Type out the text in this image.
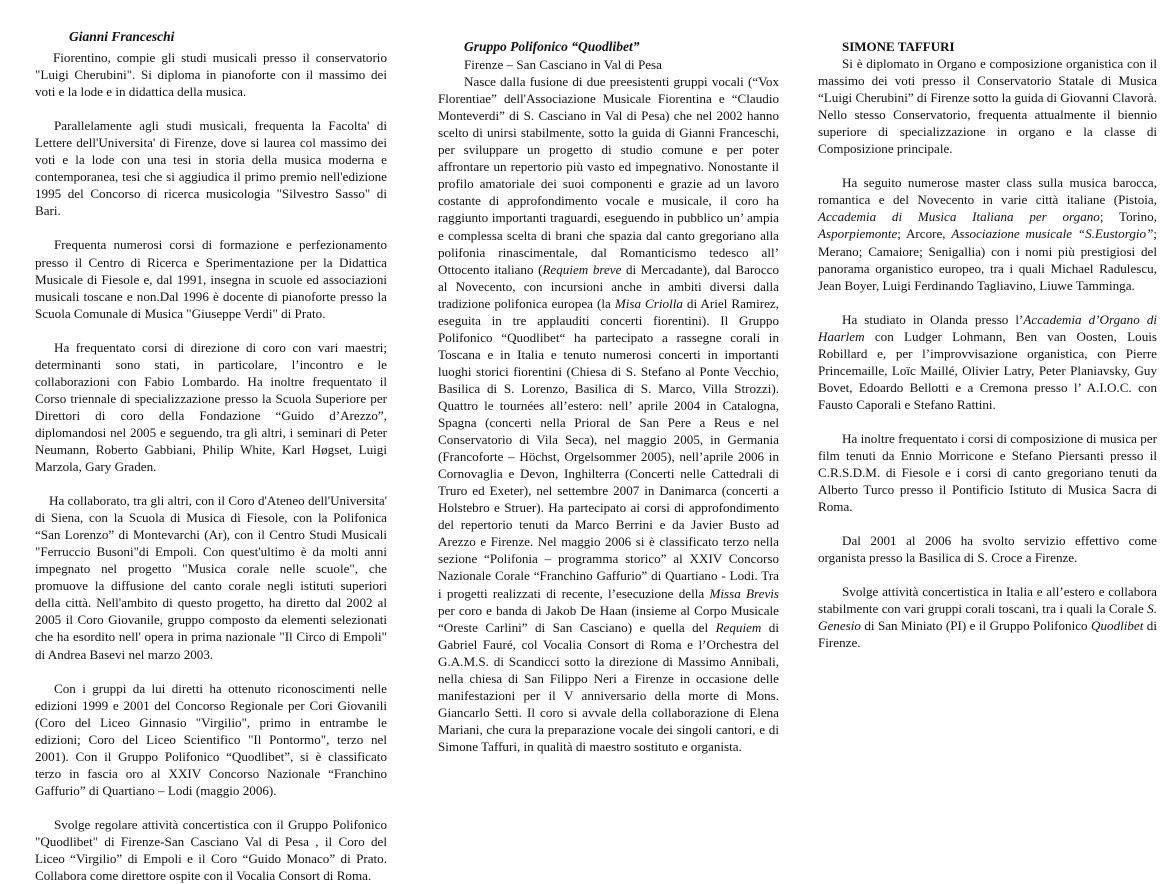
Gianni Franceschi

Fiorentino, compie gli studi musicali presso il conservatorio "Luigi Cherubini". Si diploma in pianoforte con il massimo dei voti e la lode e in didattica della musica.

Parallelamente agli studi musicali, frequenta la Facolta' di Lettere dell'Universita' di Firenze, dove si laurea col massimo dei voti e la lode con una tesi in storia della musica moderna e contemporanea, tesi che si aggiudica il primo premio nell'edizione 1995 del Concorso di ricerca musicologia "Silvestro Sasso" di Bari.

Frequenta numerosi corsi di formazione e perfezionamento presso il Centro di Ricerca e Sperimentazione per la Didattica Musicale di Fiesole e, dal 1991, insegna in scuole ed associazioni musicali toscane e non.Dal 1996 è docente di pianoforte presso la Scuola Comunale di Musica "Giuseppe Verdi" di Prato.

Ha frequentato corsi di direzione di coro con vari maestri; determinanti sono stati, in particolare, l’incontro e le collaborazioni con Fabio Lombardo. Ha inoltre frequentato il Corso triennale di specializzazione presso la Scuola Superiore per Direttori di coro della Fondazione “Guido d’Arezzo”, diplomandosi nel 2005 e seguendo, tra gli altri, i seminari di Peter Neumann, Roberto Gabbiani, Philip White, Karl Høgset, Luigi Marzola, Gary Graden.

Ha collaborato, tra gli altri, con il Coro d'Ateneo dell'Universita' di Siena, con la Scuola di Musica di Fiesole, con la Polifonica “San Lorenzo” di Montevarchi (Ar), con il Centro Studi Musicali "Ferruccio Busoni"di Empoli. Con quest'ultimo è da molti anni impegnato nel progetto "Musica corale nelle scuole", che promuove la diffusione del canto corale negli istituti superiori della città. Nell'ambito di questo progetto, ha diretto dal 2002 al 2005 il Coro Giovanile, gruppo composto da elementi selezionati che ha esordito nell' opera in prima nazionale "Il Circo di Empoli" di Andrea Basevi nel marzo 2003.

Con i gruppi da lui diretti ha ottenuto riconoscimenti nelle edizioni 1999 e 2001 del Concorso Regionale per Cori Giovanili (Coro del Liceo Ginnasio "Virgilio", primo in entrambe le edizioni; Coro del Liceo Scientifico "Il Pontormo", terzo nel 2001). Con il Gruppo Polifonico “Quodlibet”, si è classificato terzo in fascia oro al XXIV Concorso Nazionale “Franchino Gaffurio” di Quartiano – Lodi (maggio 2006).

Svolge regolare attività concertistica con il Gruppo Polifonico "Quodlibet" di Firenze-San Casciano Val di Pesa , il Coro del Liceo “Virgilio” di Empoli e il Coro “Guido Monaco” di Prato. Collabora come direttore ospite con il Vocalia Consort di Roma.

Gruppo Polifonico “Quodlibet”

Firenze – San Casciano in Val di Pesa

Nasce dalla fusione di due preesistenti gruppi vocali (“Vox Florentiae” dell'Associazione Musicale Fiorentina e “Claudio Monteverdi” di S. Casciano in Val di Pesa) che nel 2002 hanno scelto di unirsi stabilmente, sotto la guida di Gianni Franceschi, per sviluppare un progetto di studio comune e per poter affrontare un repertorio più vasto ed impegnativo. Nonostante il profilo amatoriale dei suoi componenti e grazie ad un lavoro costante di approfondimento vocale e musicale, il coro ha raggiunto importanti traguardi, eseguendo in pubblico un’ ampia e complessa scelta di brani che spazia dal canto gregoriano alla polifonia rinascimentale, dal Romanticismo tedesco all’ Ottocento italiano (Requiem breve di Mercadante), dal Barocco al Novecento, con incursioni anche in ambiti diversi dalla tradizione polifonica europea (la Misa Criolla di Ariel Ramirez, eseguita in tre applauditi concerti fiorentini). Il Gruppo Polifonico “Quodlibet“ ha partecipato a rassegne corali in Toscana e in Italia e tenuto numerosi concerti in importanti luoghi storici fiorentini (Chiesa di S. Stefano al Ponte Vecchio, Basilica di S. Lorenzo, Basilica di S. Marco, Villa Strozzi). Quattro le tournées all’estero: nell’ aprile 2004 in Catalogna, Spagna (concerti nella Prioral de San Pere a Reus e nel Conservatorio di Vila Seca), nel maggio 2005, in Germania (Francoforte – Höchst, Orgelsommer 2005), nell’aprile 2006 in Cornovaglia e Devon, Inghilterra (Concerti nelle Cattedrali di Truro ed Exeter), nel settembre 2007 in Danimarca (concerti a Holstebro e Struer). Ha partecipato ai corsi di approfondimento del repertorio tenuti da Marco Berrini e da Javier Busto ad Arezzo e Firenze. Nel maggio 2006 si è classificato terzo nella sezione “Polifonia – programma storico” al XXIV Concorso Nazionale Corale “Franchino Gaffurio” di Quartiano - Lodi. Tra i progetti realizzati di recente, l’esecuzione della Missa Brevis per coro e banda di Jakob De Haan (insieme al Corpo Musicale “Oreste Carlini” di San Casciano) e quella del Requiem di Gabriel Fauré, col Vocalia Consort di Roma e l’Orchestra del G.A.M.S. di Scandicci sotto la direzione di Massimo Annibali, nella chiesa di San Filippo Neri a Firenze in occasione delle manifestazioni per il V anniversario della morte di Mons. Giancarlo Setti. Il coro si avvale della collaborazione di Elena Mariani, che cura la preparazione vocale dei singoli cantori, e di Simone Taffuri, in qualità di maestro sostituto e organista.

SIMONE TAFFURI

Si è diplomato in Organo e composizione organistica con il massimo dei voti presso il Conservatorio Statale di Musica “Luigi Cherubini” di Firenze sotto la guida di Giovanni Clavorà. Nello stesso Conservatorio, frequenta attualmente il biennio superiore di specializzazione in organo e la classe di Composizione principale.

Ha seguito numerose master class sulla musica barocca, romantica e del Novecento in varie città italiane (Pistoia, Accademia di Musica Italiana per organo; Torino, Asporpiemonte; Arcore, Associazione musicale “S.Eustorgio”; Merano; Camaiore; Senigallia) con i nomi più prestigiosi del panorama organistico europeo, tra i quali Michael Radulescu, Jean Boyer, Luigi Ferdinando Tagliavino, Liuwe Tamminga.

Ha studiato in Olanda presso l’Accademia d’Organo di Haarlem con Ludger Lohmann, Ben van Oosten, Louis Robillard e, per l’improvvisazione organistica, con Pierre Princemaille, Loïc Maillé, Olivier Latry, Peter Planiavsky, Guy Bovet, Edoardo Bellotti e a Cremona presso l’ A.I.O.C. con Fausto Caporali e Stefano Rattini.

Ha inoltre frequentato i corsi di composizione di musica per film tenuti da Ennio Morricone e Stefano Piersanti presso il C.R.S.D.M. di Fiesole e i corsi di canto gregoriano tenuti da Alberto Turco presso il Pontificio Istituto di Musica Sacra di Roma.

Dal 2001 al 2006 ha svolto servizio effettivo come organista presso la Basilica di S. Croce a Firenze.

Svolge attività concertistica in Italia e all’estero e collabora stabilmente con vari gruppi corali toscani, tra i quali la Corale S. Genesio di San Miniato (PI) e il Gruppo Polifonico Quodlibet di Firenze.
